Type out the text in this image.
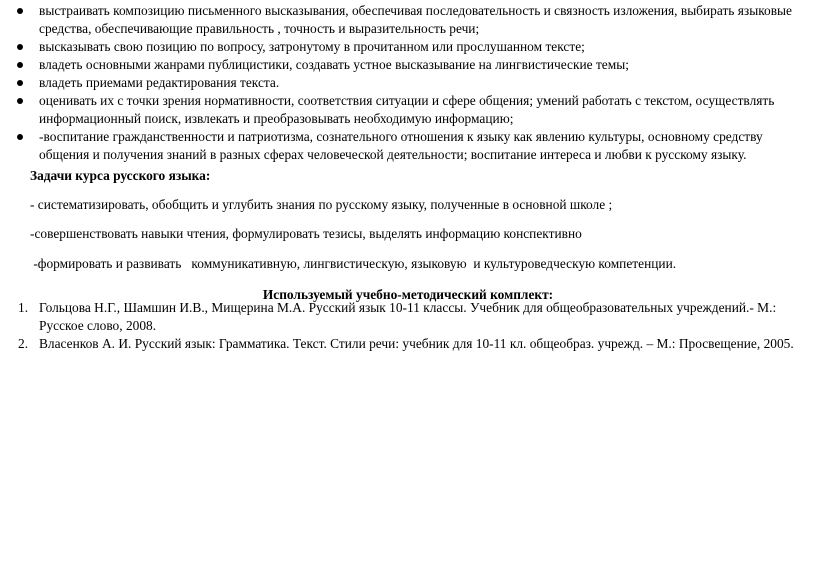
выстраивать композицию письменного высказывания, обеспечивая последовательность и связность изложения, выбирать языковые средства, обеспечивающие правильность , точность и выразительность речи;
высказывать свою позицию по вопросу, затронутому в прочитанном или прослушанном тексте;
владеть основными жанрами публицистики, создавать устное высказывание на лингвистические темы;
владеть приемами редактирования текста.
оценивать их с точки зрения нормативности, соответствия ситуации и сфере общения; умений работать с текстом, осуществлять информационный поиск, извлекать и преобразовывать необходимую информацию;
-воспитание гражданственности и патриотизма, сознательного отношения к языку как явлению культуры, основному средству общения и получения знаний в разных сферах человеческой деятельности; воспитание интереса и любви к русскому языку.
Задачи курса русского языка:
- систематизировать, обобщить и углубить знания по русскому языку, полученные в основной школе ;
-совершенствовать навыки чтения, формулировать тезисы, выделять информацию конспективно
-формировать и развивать   коммуникативную, лингвистическую, языковую  и культуроведческую компетенции.
Используемый учебно-методический комплект:
1. Гольцова Н.Г., Шамшин И.В., Мищерина М.А. Русский язык 10-11 классы. Учебник для общеобразовательных учреждений.- М.: Русское слово, 2008.
2. Власенков А. И. Русский язык: Грамматика. Текст. Стили речи: учебник для 10-11 кл. общеобраз. учрежд. – М.: Просвещение, 2005.
